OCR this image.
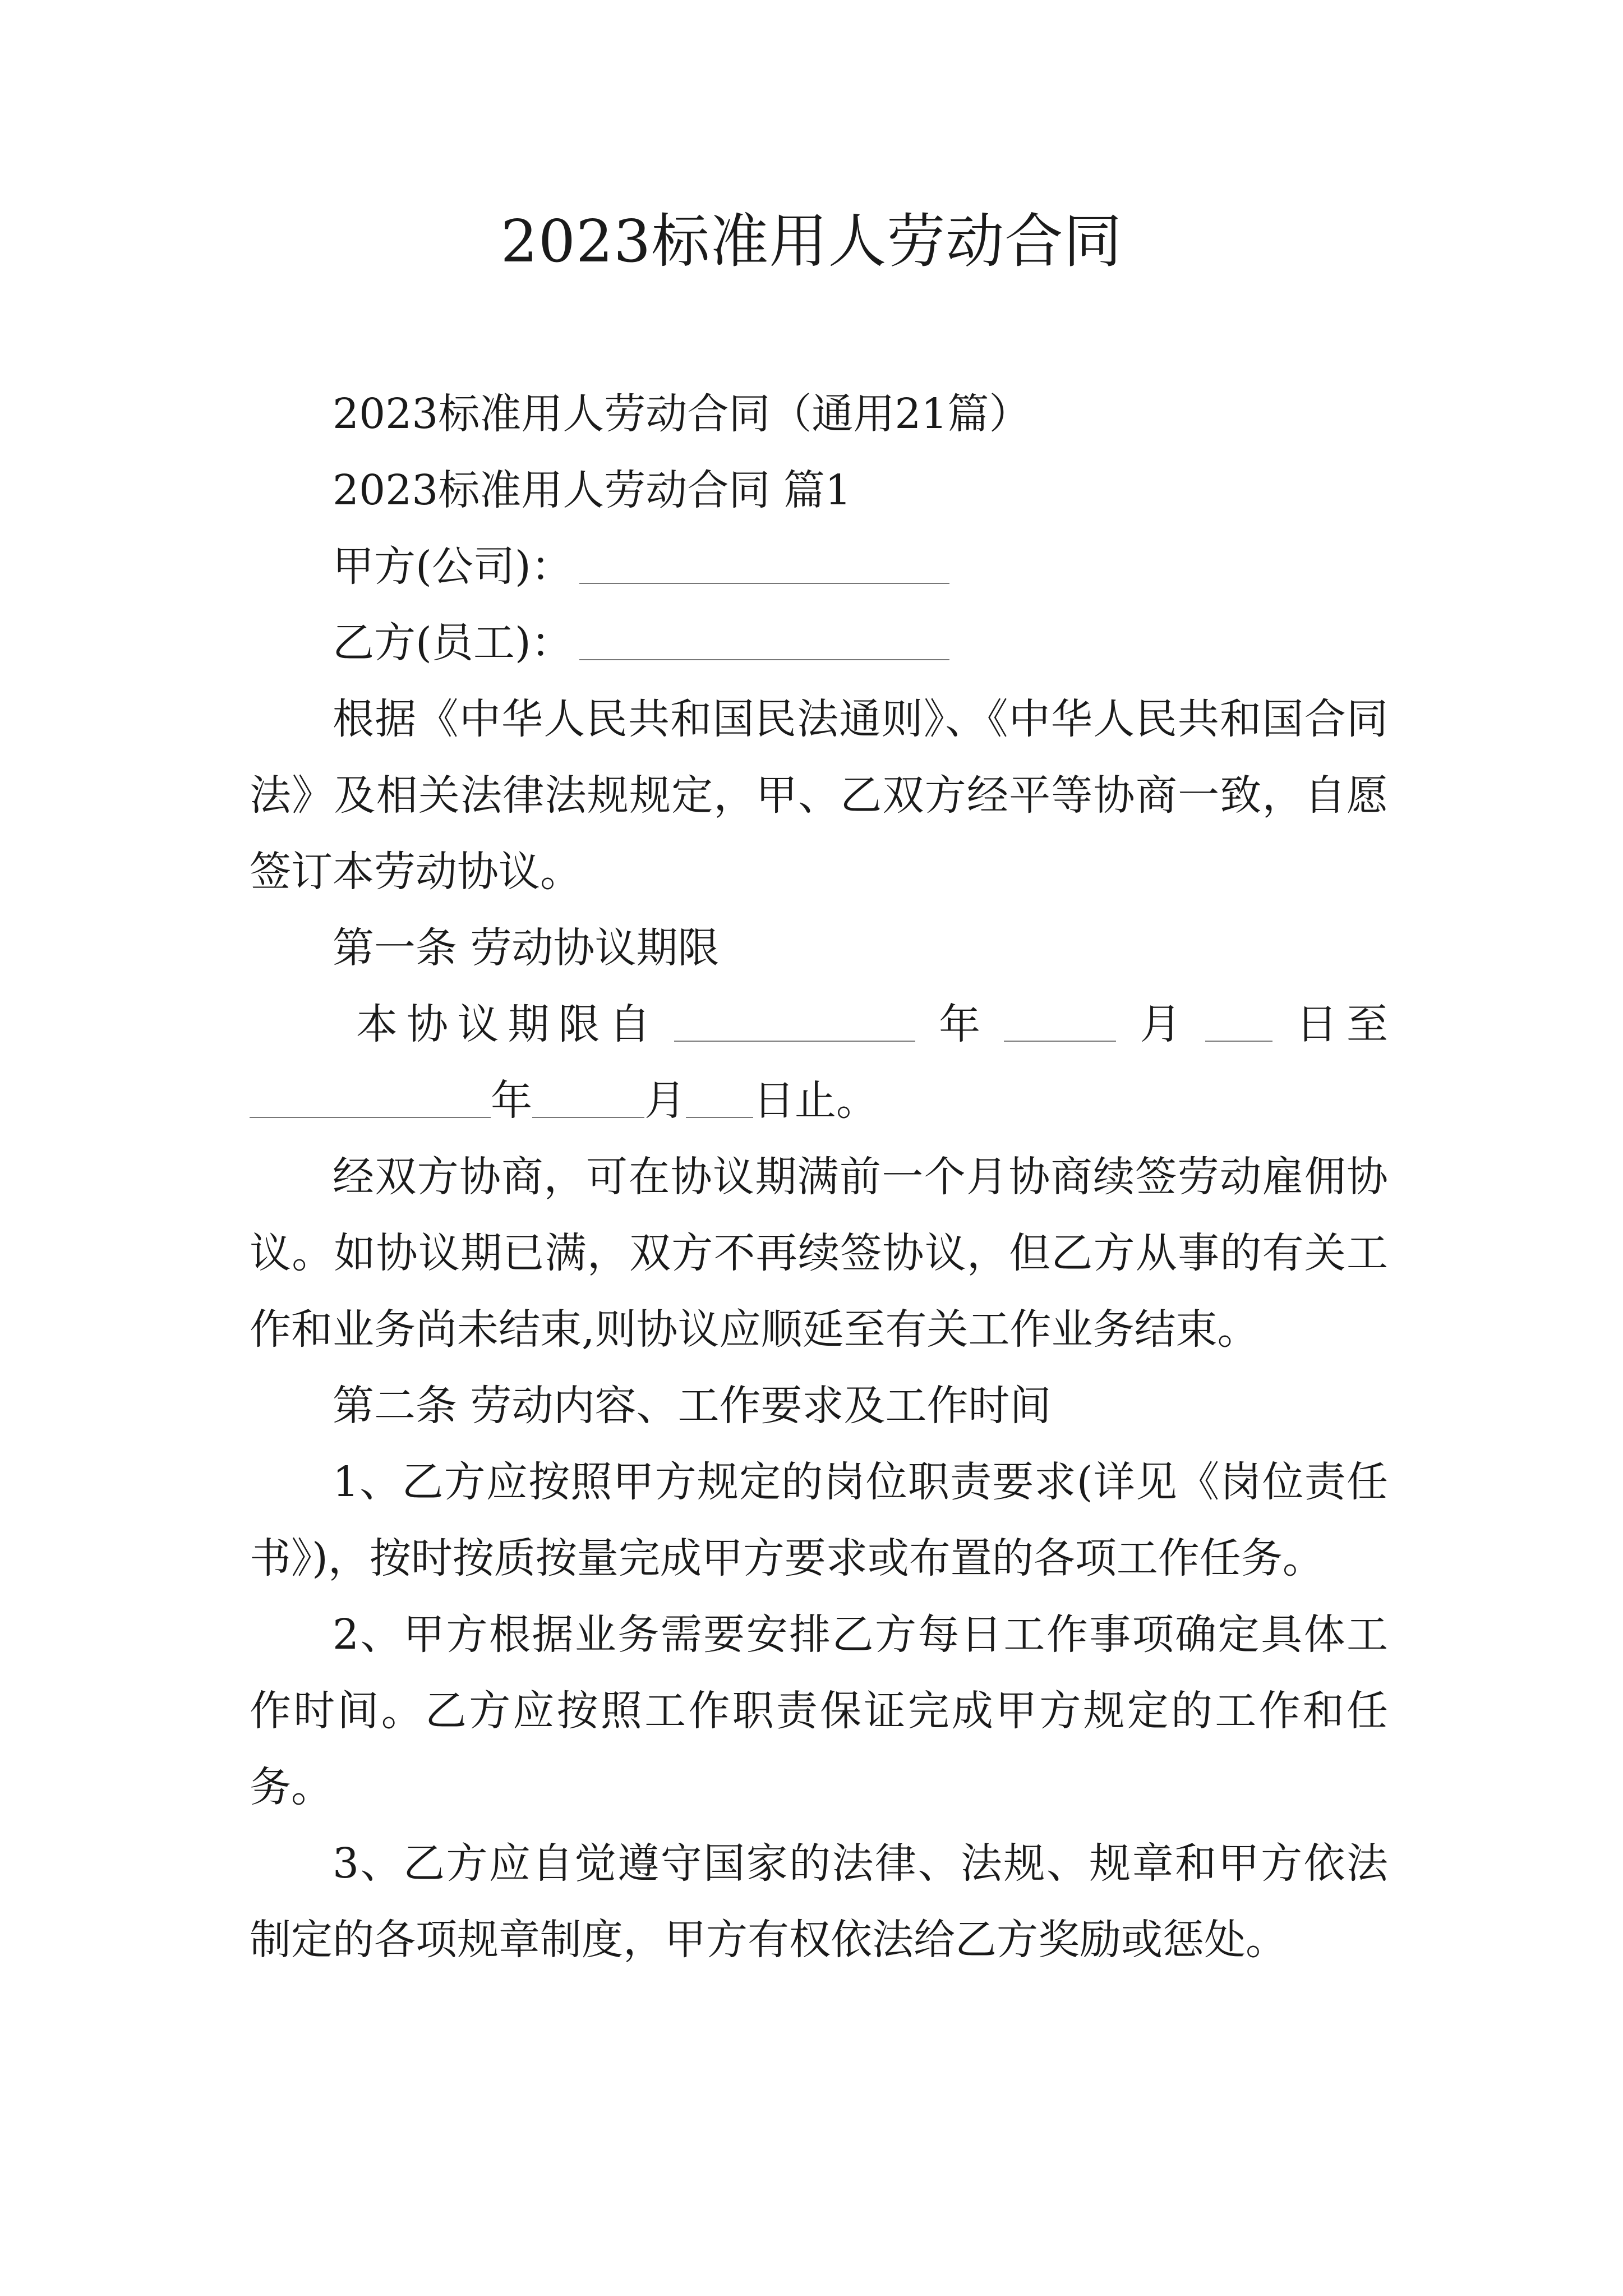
2023标准用人劳动合同

2023标准用人劳动合同（通用21篇）

2023标准用人劳动合同 篇1

甲方(公司)：

乙方(员工)：

根据《中华人民共和国民法通则》、《中华人民共和国合同法》及相关法律法规规定，甲、乙双方经平等协商一致，自愿签订本劳动协议。

第一条 劳动协议期限

本协议期限自	年	月 日至

年	月 日止。

经双方协商，可在协议期满前一个月协商续签劳动雇佣协议。如协议期已满，双方不再续签协议，但乙方从事的有关工作和业务尚未结束,则协议应顺延至有关工作业务结束。

第二条 劳动内容、工作要求及工作时间

1、乙方应按照甲方规定的岗位职责要求(详见《岗位责任书》)，按时按质按量完成甲方要求或布置的各项工作任务。

2、甲方根据业务需要安排乙方每日工作事项确定具体工作时间。乙方应按照工作职责保证完成甲方规定的工作和任务。

3、乙方应自觉遵守国家的法律、法规、规章和甲方依法制定的各项规章制度，甲方有权依法给乙方奖励或惩处。
